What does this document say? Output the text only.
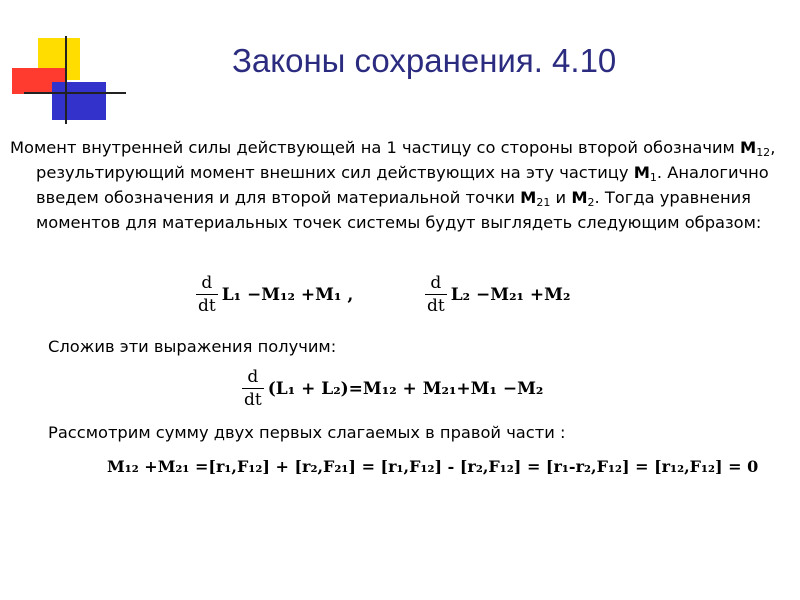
Законы сохранения. 4.10

Момент внутренней силы действующей на 1 частицу со стороны второй обозначим $M_{12}$, результирующий момент внешних сил действующих на эту частицу $M_1$. Аналогично введем обозначения и для второй материальной точки $M_{21}$ и $M_2$. Тогда уравнения моментов для материальных точек системы будут выглядеть следующим образом:

$\frac{d}{dt} L_1 -M_{12} +M_1$ ,	$\frac{d}{dt} L_2 -M_{21} +M_2$
Сложив эти выражения получим:
$\frac{d}{dt} (L_1 + L_2)=M_{12} + M_{21}+M_1 -M_2$
Рассмотрим сумму двух первых слагаемых в правой части :
M₁₂ +M₂₁ =[r₁,F₁₂] + [r₂,F₂₁] = [r₁,F₁₂] - [r₂,F₁₂] = [r₁-r₂,F₁₂] = [r₁₂,F₁₂] = 0
